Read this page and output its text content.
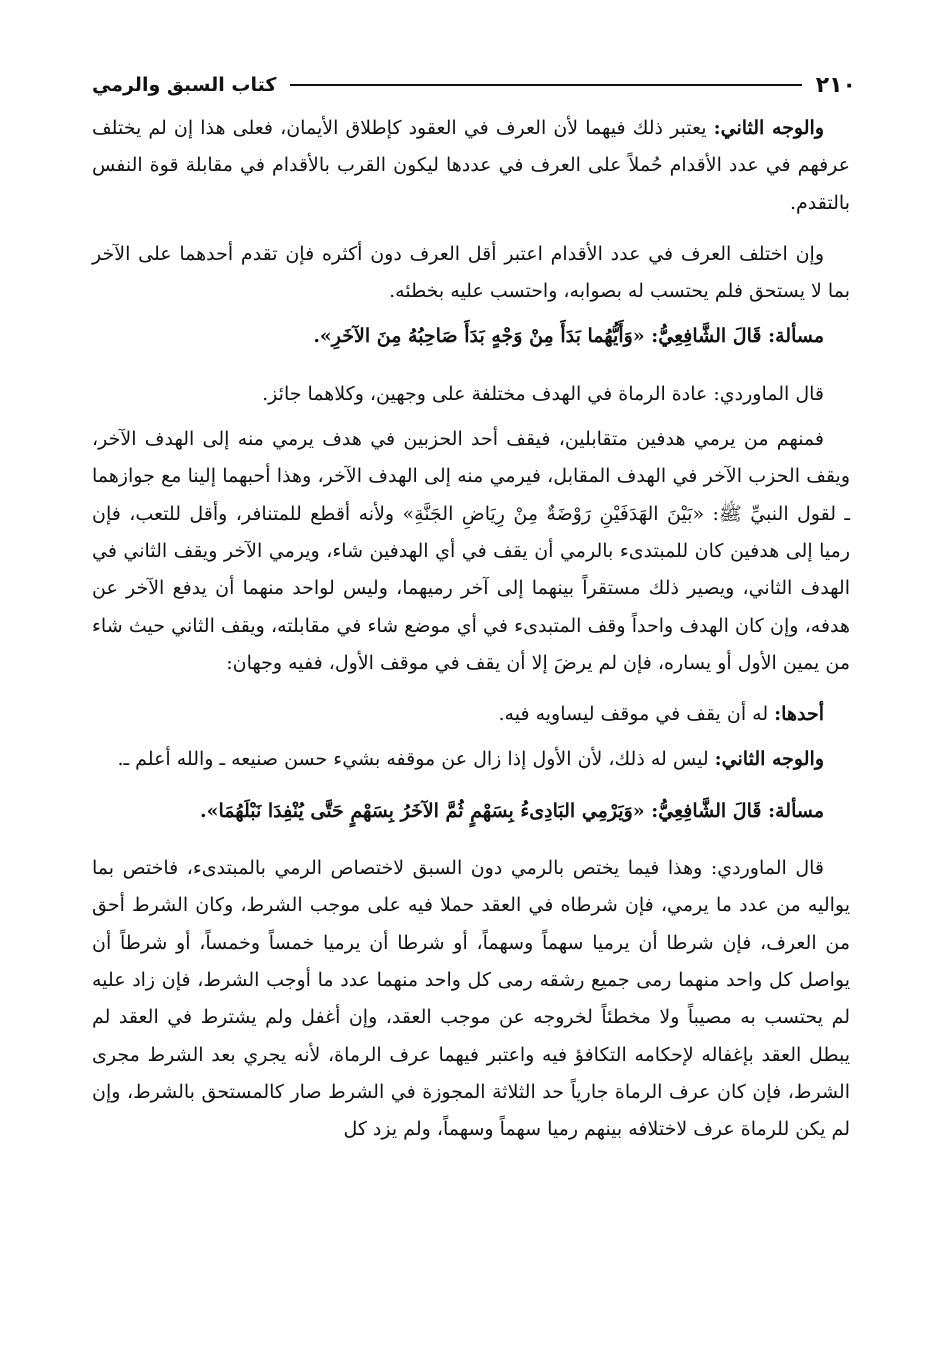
٢١٠
كتاب السبق والرمي

والوجه الثاني: يعتبر ذلك فيهما لأن العرف في العقود كإطلاق الأيمان، فعلى هذا إن لم يختلف عرفهم في عدد الأقدام حُملاً على العرف في عددها ليكون القرب بالأقدام في مقابلة قوة النفس بالتقدم.

وإن اختلف العرف في عدد الأقدام اعتبر أقل العرف دون أكثره فإن تقدم أحدهما على الآخر بما لا يستحق فلم يحتسب له بصوابه، واحتسب عليه بخطئه.

مسألة: قَالَ الشَّافِعِيُّ: «وَأَيُّهُما بَدَأَ مِنْ وَجْهٍ بَدَأَ صَاحِبُهُ مِنَ الآخَرِ».

قال الماوردي: عادة الرماة في الهدف مختلفة على وجهين، وكلاهما جائز.

فمنهم من يرمي هدفين متقابلين، فيقف أحد الحزبين في هدف يرمي منه إلى الهدف الآخر، ويقف الحزب الآخر في الهدف المقابل، فيرمي منه إلى الهدف الآخر، وهذا أحبهما إلينا مع جوازهما ـ لقول النبيِّ ﷺ: «بَيْنَ الهَدَفَيْنِ رَوْضَةٌ مِنْ رِيَاضِ الجَنَّةِ» ولأنه أقطع للمتنافر، وأقل للتعب، فإن رميا إلى هدفين كان للمبتدىء بالرمي أن يقف في أي الهدفين شاء، ويرمي الآخر ويقف الثاني في الهدف الثاني، ويصير ذلك مستقراً بينهما إلى آخر رميهما، وليس لواحد منهما أن يدفع الآخر عن هدفه، وإن كان الهدف واحداً وقف المتبدىء في أي موضع شاء في مقابلته، ويقف الثاني حيث شاء من يمين الأول أو يساره، فإن لم يرضَ إلا أن يقف في موقف الأول، ففيه وجهان:

أحدها: له أن يقف في موقف ليساويه فيه.

والوجه الثاني: ليس له ذلك، لأن الأول إذا زال عن موقفه بشيء حسن صنيعه ـ والله أعلم ـ.

مسألة: قَالَ الشَّافِعِيُّ: «وَيَرْمِي البَادِىءُ بِسَهْمٍ ثُمَّ الآخَرُ بِسَهْمٍ حَتَّى يُنْفِدَا نَبْلَهُمَا».

قال الماوردي: وهذا فيما يختص بالرمي دون السبق لاختصاص الرمي بالمبتدىء، فاختص بما يواليه من عدد ما يرمي، فإن شرطاه في العقد حملا فيه على موجب الشرط، وكان الشرط أحق من العرف، فإن شرطا أن يرميا سهماً وسهماً، أو شرطا أن يرميا خمساً وخمساً، أو شرطاً أن يواصل كل واحد منهما رمى جميع رشقه رمى كل واحد منهما عدد ما أوجب الشرط، فإن زاد عليه لم يحتسب به مصيباً ولا مخطئاً لخروجه عن موجب العقد، وإن أغفل ولم يشترط في العقد لم يبطل العقد بإغفاله لإحكامه التكافؤ فيه واعتبر فيهما عرف الرماة، لأنه يجري بعد الشرط مجرى الشرط، فإن كان عرف الرماة جارياً حد الثلاثة المجوزة في الشرط صار كالمستحق بالشرط، وإن لم يكن للرماة عرف لاختلافه بينهم رميا سهماً وسهماً، ولم يزد كل
